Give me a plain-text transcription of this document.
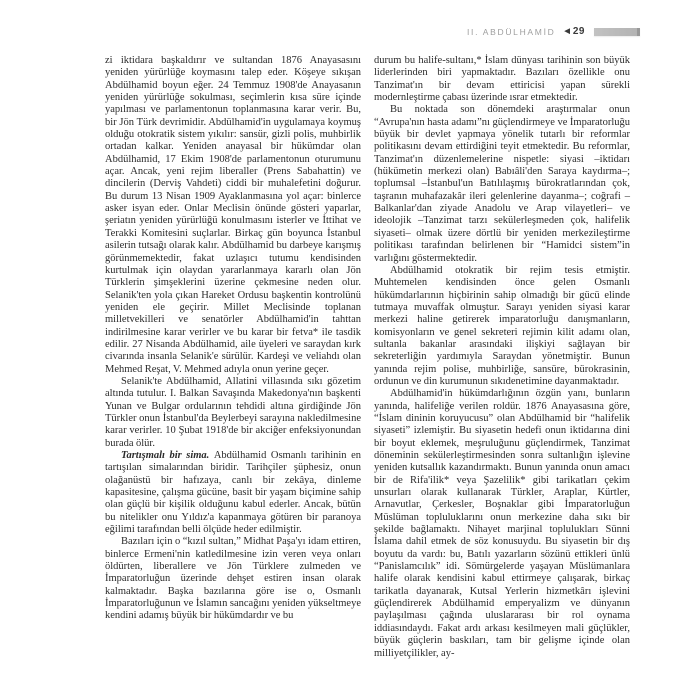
II. ABDÜLHAMİD ◀ 29

zi iktidara başkaldırır ve sultandan 1876 Anayasasını yeniden yürürlüğe koymasını talep eder. Köşeye sıkışan Abdülhamid boyun eğer. 24 Temmuz 1908'de Anayasanın yeniden yürürlüğe sokulması, seçimlerin kısa süre içinde yapılması ve parlamentonun toplanmasına karar verir. Bu, bir Jön Türk devrimidir. Abdülhamid'in uygulamaya koymuş olduğu otokratik sistem yıkılır: sansür, gizli polis, muhbirlik ortadan kalkar. Yeniden anayasal bir hükümdar olan Abdülhamid, 17 Ekim 1908'de parlamentonun oturumunu açar. Ancak, yeni rejim liberaller (Prens Sabahattin) ve dincilerin (Derviş Vahdeti) ciddi bir muhalefetini doğurur. Bu durum 13 Nisan 1909 Ayaklanmasına yol açar: binlerce asker isyan eder. Onlar Meclisin önünde gösteri yaparlar, şeriatın yeniden yürürlüğü konulmasını isterler ve İttihat ve Terakki Komitesini suçlarlar. Birkaç gün boyunca İstanbul asilerin tutsağı olarak kalır. Abdülhamid bu darbeye karışmış görünmemektedir, fakat uzlaşıcı tutumu kendisinden kurtulmak için olaydan yararlanmaya kararlı olan Jön Türklerin şimşeklerini üzerine çekmesine neden olur. Selanik'ten yola çıkan Hareket Ordusu başkentin kontrolünü yeniden ele geçirir. Millet Meclisinde toplanan milletvekilleri ve senatörler Abdülhamid'in tahttan indirilmesine karar verirler ve bu karar bir fetva* ile tasdik edilir. 27 Nisanda Abdülhamid, aile üyeleri ve saraydan kırk civarında insanla Selanik'e sürülür. Kardeşi ve veliahdı olan Mehmed Reşat, V. Mehmed adıyla onun yerine geçer.

Selanik'te Abdülhamid, Allatini villasında sıkı gözetim altında tutulur. I. Balkan Savaşında Makedonya'nın başkenti Yunan ve Bulgar ordularının tehdidi altına girdiğinde Jön Türkler onun İstanbul'da Beylerbeyi sarayına nakledilmesine karar verirler. 10 Şubat 1918'de bir akciğer enfeksiyonundan burada ölür.

Tartışmalı bir sima. Abdülhamid Osmanlı tarihinin en tartışılan simalarından biridir. Tarihçiler şüphesiz, onun olağanüstü bir hafızaya, canlı bir zekâya, dinleme kapasitesine, çalışma gücüne, basit bir yaşam biçimine sahip olan güçlü bir kişilik olduğunu kabul ederler. Ancak, bütün bu nitelikler onu Yıldız'a kapanmaya götüren bir paranoya eğilimi tarafından belli ölçüde heder edilmiştir.

Bazıları için o “kızıl sultan,” Midhat Paşa'yı idam ettiren, binlerce Ermeni'nin katledilmesine izin veren veya onları öldürten, liberallere ve Jön Türklere zulmeden ve İmparatorluğun üzerinde dehşet estiren insan olarak kalmaktadır. Başka bazılarına göre ise o, Osmanlı İmparatorluğunun ve İslamın sancağını yeniden yükseltmeye kendini adamış büyük bir hükümdardır ve bu

durum bu halife-sultanı,* İslam dünyası tarihinin son büyük liderlerinden biri yapmaktadır. Bazıları özellikle onu Tanzimat'ın bir devam ettiricisi yapan sürekli modernleştirme çabası üzerinde ısrar etmektedir.

Bu noktada son dönemdeki araştırmalar onun “Avrupa'nın hasta adamı”nı güçlendirmeye ve İmparatorluğu büyük bir devlet yapmaya yönelik tutarlı bir reformlar politikasını devam ettirdiğini teyit etmektedir. Bu reformlar, Tanzimat'ın düzenlemelerine nispetle: siyasi –iktidarı (hükümetin merkezi olan) Babıâli'den Saraya kaydırma–; toplumsal –İstanbul'un Batılılaşmış bürokratlarından çok, taşranın muhafazakâr ileri gelenlerine dayanma–; coğrafi –Balkanlar'dan ziyade Anadolu ve Arap vilayetleri– ve ideolojik –Tanzimat tarzı sekülerleşmeden çok, halifelik siyaseti– olmak üzere dörtlü bir yeniden merkezileştirme politikası tarafından belirlenen bir “Hamidci sistem”in varlığını göstermektedir.

Abdülhamid otokratik bir rejim tesis etmiştir. Muhtemelen kendisinden önce gelen Osmanlı hükümdarlarının hiçbirinin sahip olmadığı bir gücü elinde tutmaya muvaffak olmuştur. Sarayı yeniden siyasi karar merkezi haline getirerek imparatorluğu danışmanların, komisyonların ve genel sekreteri rejimin kilit adamı olan, sultanla bakanlar arasındaki ilişkiyi sağlayan bir sekreterliğin yardımıyla Saraydan yönetmiştir. Bunun yanında rejim polise, muhbirliğe, sansüre, bürokrasinin, ordunun ve din kurumunun sıkıdenetimine dayanmaktadır.

Abdülhamid'in hükümdarlığının özgün yanı, bunların yanında, halifeliğe verilen roldür. 1876 Anayasasına göre, “İslam dininin koruyucusu” olan Abdülhamid bir “halifelik siyaseti” izlemiştir. Bu siyasetin hedefi onun iktidarına dini bir boyut eklemek, meşruluğunu güçlendirmek, Tanzimat döneminin sekülerleştirmesinden sonra sultanlığın işlevine yeniden kutsallık kazandırmaktı. Bunun yanında onun amacı bir de Rifa'ilik* veya Şazelilik* gibi tarikatları çekim unsurları olarak kullanarak Türkler, Araplar, Kürtler, Arnavutlar, Çerkesler, Boşnaklar gibi İmparatorluğun Müslüman topluluklarını onun merkezine daha sıkı bir şekilde bağlamaktı. Nihayet marjinal toplulukları Sünni İslama dahil etmek de söz konusuydu. Bu siyasetin bir dış boyutu da vardı: bu, Batılı yazarların sözünü ettikleri ünlü “Panislamcılık” idi. Sömürgelerde yaşayan Müslümanlara halife olarak kendisini kabul ettirmeye çalışarak, birkaç tarikatla dayanarak, Kutsal Yerlerin hizmetkârı işlevini güçlendirerek Abdülhamid emperyalizm ve dünyanın paylaşılması çağında uluslararası bir rol oynama iddiasındaydı. Fakat ardı arkası kesilmeyen mali güçlükler, büyük güçlerin baskıları, tam bir gelişme içinde olan milliyetçilikler, ay-
